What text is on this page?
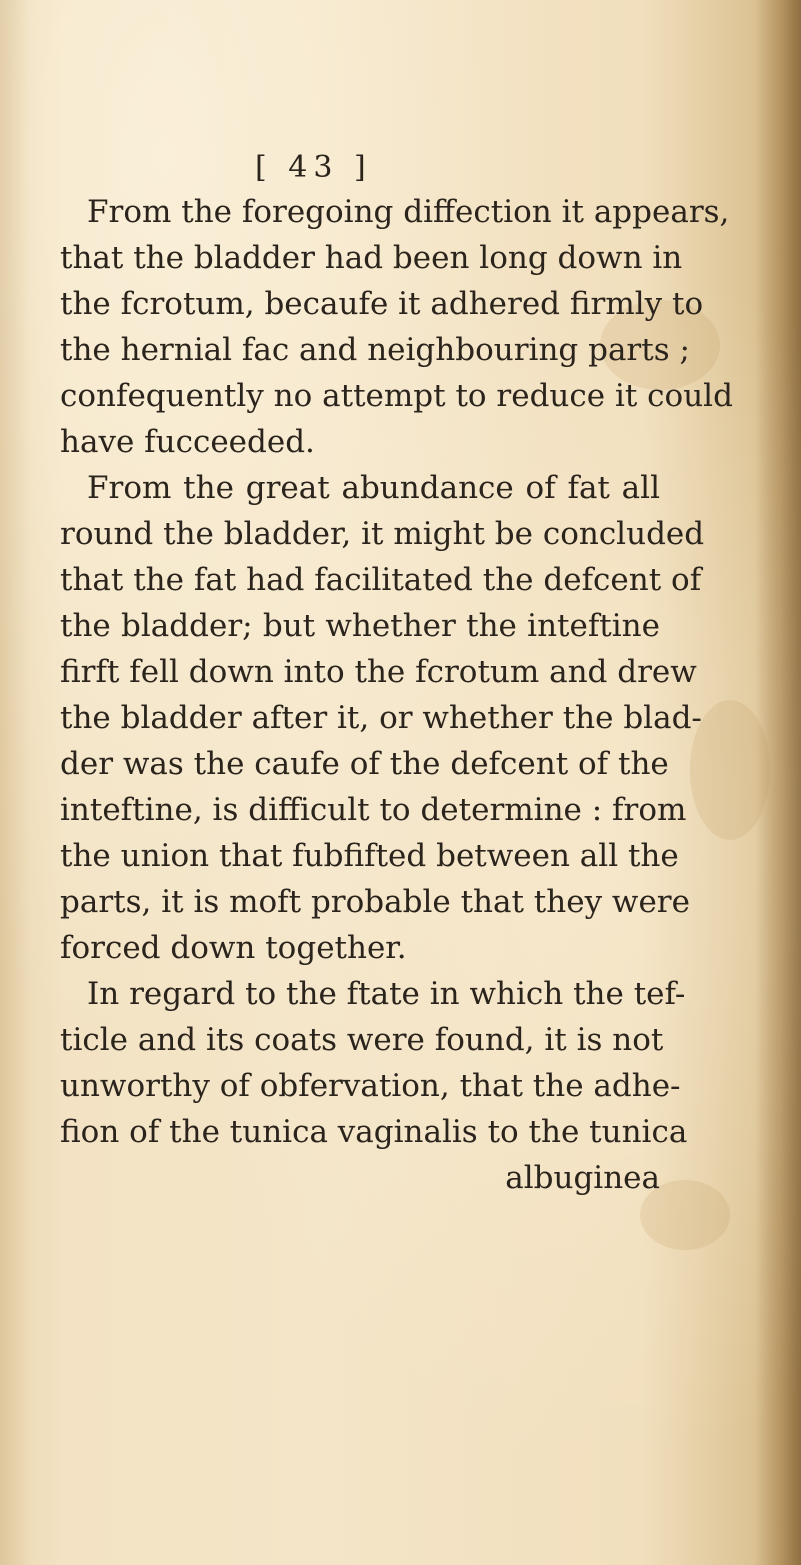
[ 43 ]
From the foregoing diffection it appears,
that the bladder had been long down in
the fcrotum, becaufe it adhered firmly to
the hernial fac and neighbouring parts ;
confequently no attempt to reduce it could
have fucceeded.
From the great abundance of fat all
round the bladder, it might be concluded
that the fat had facilitated the defcent of
the bladder; but whether the inteftine
firft fell down into the fcrotum and drew
the bladder after it, or whether the blad-
der was the caufe of the defcent of the
inteftine, is difficult to determine : from
the union that fubfifted between all the
parts, it is moft probable that they were
forced down together.
In regard to the ftate in which the tef-
ticle and its coats were found, it is not
unworthy of obfervation, that the adhe-
fion of the tunica vaginalis to the tunica
albuginea
